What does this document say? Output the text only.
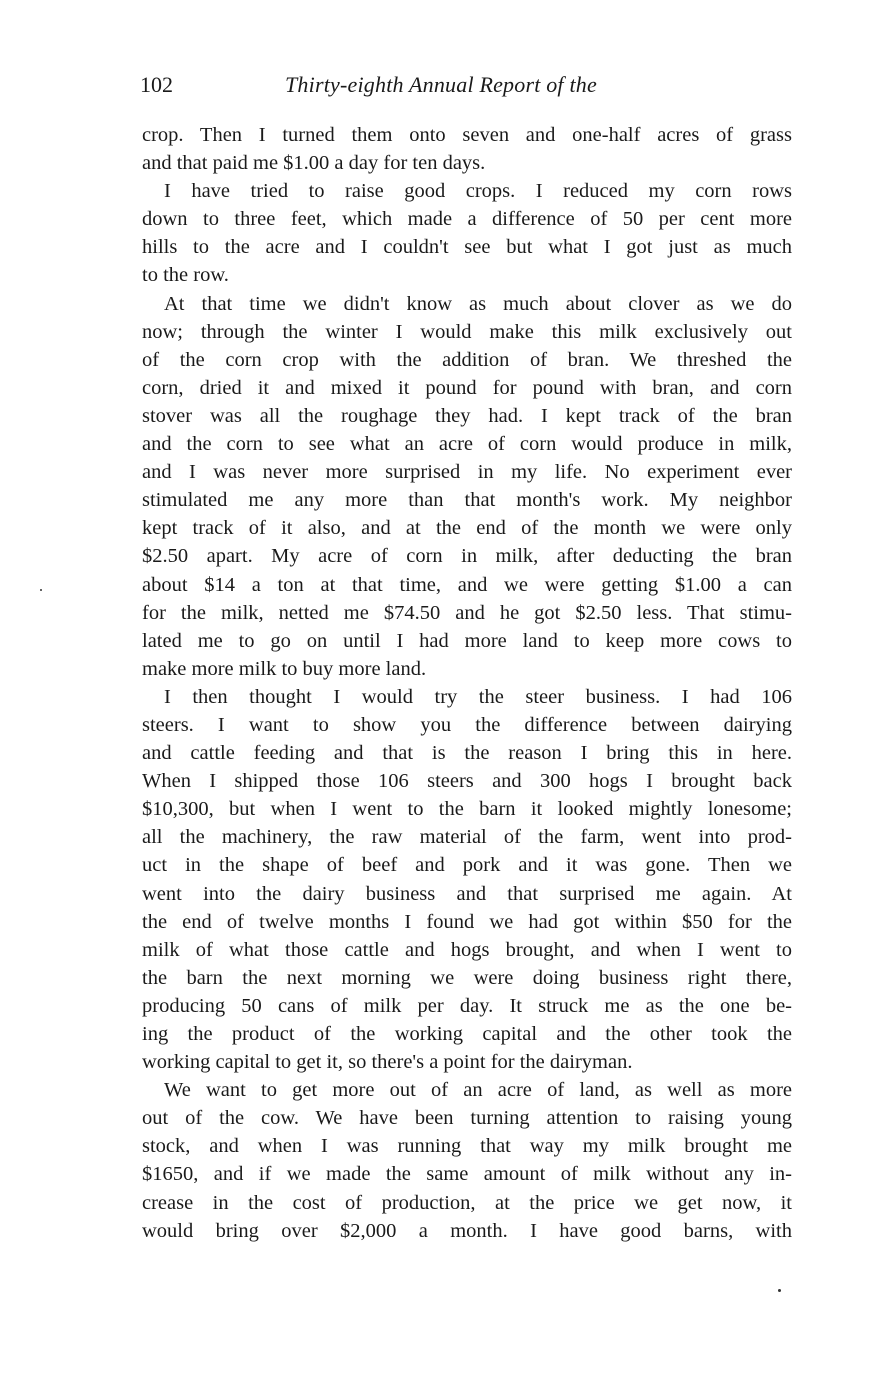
102	Thirty-eighth Annual Report of the
crop. Then I turned them onto seven and one-half acres of grass
and that paid me $1.00 a day for ten days.
I have tried to raise good crops. I reduced my corn rows
down to three feet, which made a difference of 50 per cent more
hills to the acre and I couldn't see but what I got just as much
to the row.
At that time we didn't know as much about clover as we do
now; through the winter I would make this milk exclusively out
of the corn crop with the addition of bran. We threshed the
corn, dried it and mixed it pound for pound with bran, and corn
stover was all the roughage they had. I kept track of the bran
and the corn to see what an acre of corn would produce in milk,
and I was never more surprised in my life. No experiment ever
stimulated me any more than that month's work. My neighbor
kept track of it also, and at the end of the month we were only
$2.50 apart. My acre of corn in milk, after deducting the bran
about $14 a ton at that time, and we were getting $1.00 a can
for the milk, netted me $74.50 and he got $2.50 less. That stimu-
lated me to go on until I had more land to keep more cows to
make more milk to buy more land.
I then thought I would try the steer business. I had 106
steers. I want to show you the difference between dairying
and cattle feeding and that is the reason I bring this in here.
When I shipped those 106 steers and 300 hogs I brought back
$10,300, but when I went to the barn it looked mightly lonesome;
all the machinery, the raw material of the farm, went into prod-
uct in the shape of beef and pork and it was gone. Then we
went into the dairy business and that surprised me again. At
the end of twelve months I found we had got within $50 for the
milk of what those cattle and hogs brought, and when I went to
the barn the next morning we were doing business right there,
producing 50 cans of milk per day. It struck me as the one be-
ing the product of the working capital and the other took the
working capital to get it, so there's a point for the dairyman.
We want to get more out of an acre of land, as well as more
out of the cow. We have been turning attention to raising young
stock, and when I was running that way my milk brought me
$1650, and if we made the same amount of milk without any in-
crease in the cost of production, at the price we get now, it
would bring over $2,000 a month. I have good barns, with
